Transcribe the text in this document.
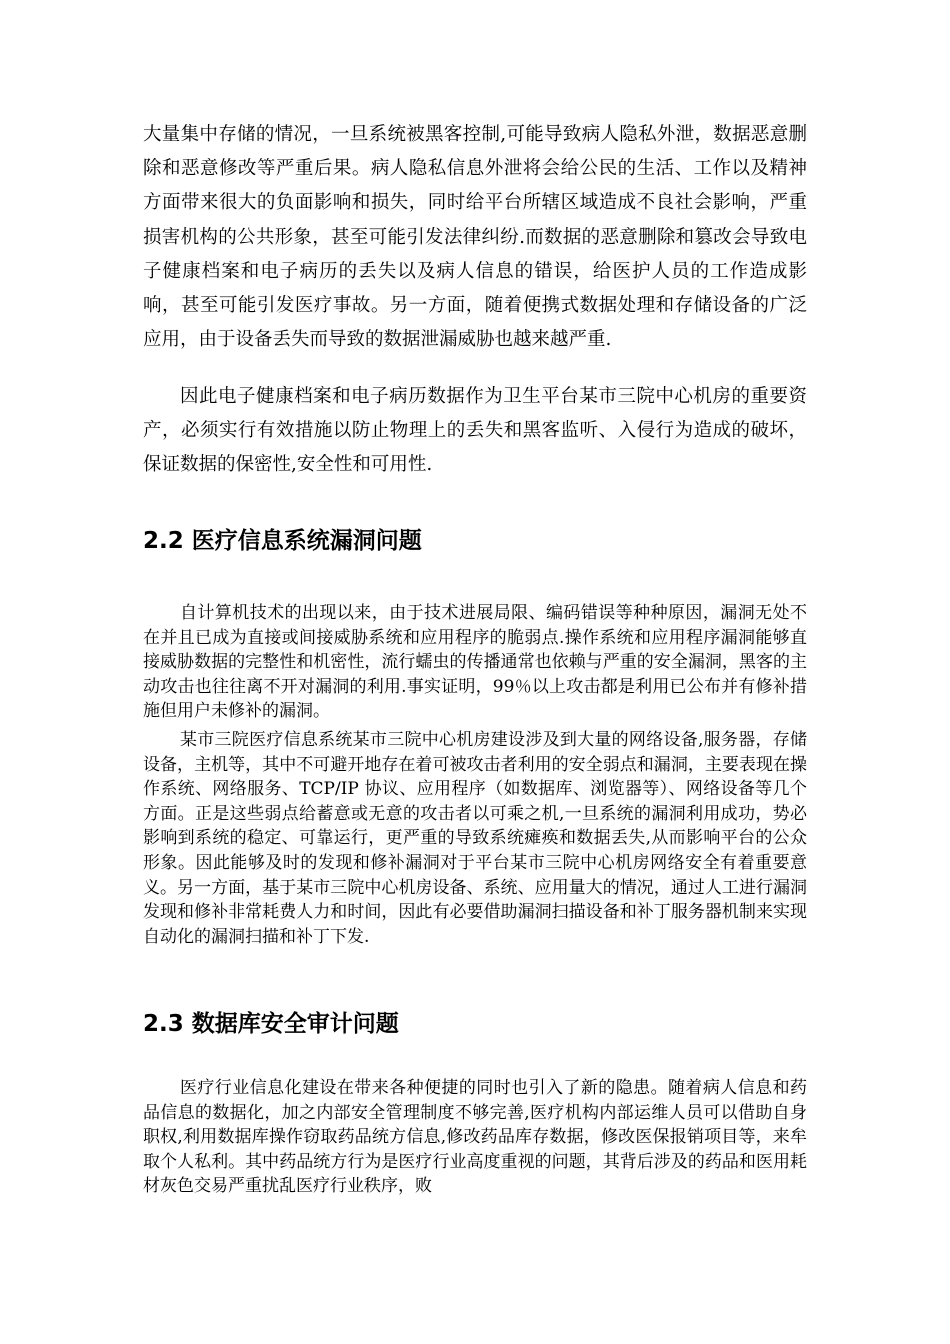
大量集中存储的情况，一旦系统被黑客控制,可能导致病人隐私外泄，数据恶意删除和恶意修改等严重后果。病人隐私信息外泄将会给公民的生活、工作以及精神方面带来很大的负面影响和损失，同时给平台所辖区域造成不良社会影响，严重损害机构的公共形象，甚至可能引发法律纠纷.而数据的恶意删除和篡改会导致电子健康档案和电子病历的丢失以及病人信息的错误，给医护人员的工作造成影响，甚至可能引发医疗事故。另一方面，随着便携式数据处理和存储设备的广泛应用，由于设备丢失而导致的数据泄漏威胁也越来越严重.

因此电子健康档案和电子病历数据作为卫生平台某市三院中心机房的重要资产，必须实行有效措施以防止物理上的丢失和黑客监听、入侵行为造成的破坏，保证数据的保密性,安全性和可用性.

2.2 医疗信息系统漏洞问题

自计算机技术的出现以来，由于技术进展局限、编码错误等种种原因，漏洞无处不在并且已成为直接或间接威胁系统和应用程序的脆弱点.操作系统和应用程序漏洞能够直接威胁数据的完整性和机密性，流行蠕虫的传播通常也依赖与严重的安全漏洞，黑客的主动攻击也往往离不开对漏洞的利用.事实证明，99％以上攻击都是利用已公布并有修补措施但用户未修补的漏洞。

某市三院医疗信息系统某市三院中心机房建设涉及到大量的网络设备,服务器，存储设备，主机等，其中不可避开地存在着可被攻击者利用的安全弱点和漏洞，主要表现在操作系统、网络服务、TCP/IP 协议、应用程序（如数据库、浏览器等）、网络设备等几个方面。正是这些弱点给蓄意或无意的攻击者以可乘之机,一旦系统的漏洞利用成功，势必影响到系统的稳定、可靠运行，更严重的导致系统瘫痪和数据丢失,从而影响平台的公众形象。因此能够及时的发现和修补漏洞对于平台某市三院中心机房网络安全有着重要意义。另一方面，基于某市三院中心机房设备、系统、应用量大的情况，通过人工进行漏洞发现和修补非常耗费人力和时间，因此有必要借助漏洞扫描设备和补丁服务器机制来实现自动化的漏洞扫描和补丁下发.

2.3 数据库安全审计问题

医疗行业信息化建设在带来各种便捷的同时也引入了新的隐患。随着病人信息和药品信息的数据化，加之内部安全管理制度不够完善,医疗机构内部运维人员可以借助自身职权,利用数据库操作窃取药品统方信息,修改药品库存数据，修改医保报销项目等，来牟取个人私利。其中药品统方行为是医疗行业高度重视的问题，其背后涉及的药品和医用耗材灰色交易严重扰乱医疗行业秩序，败
